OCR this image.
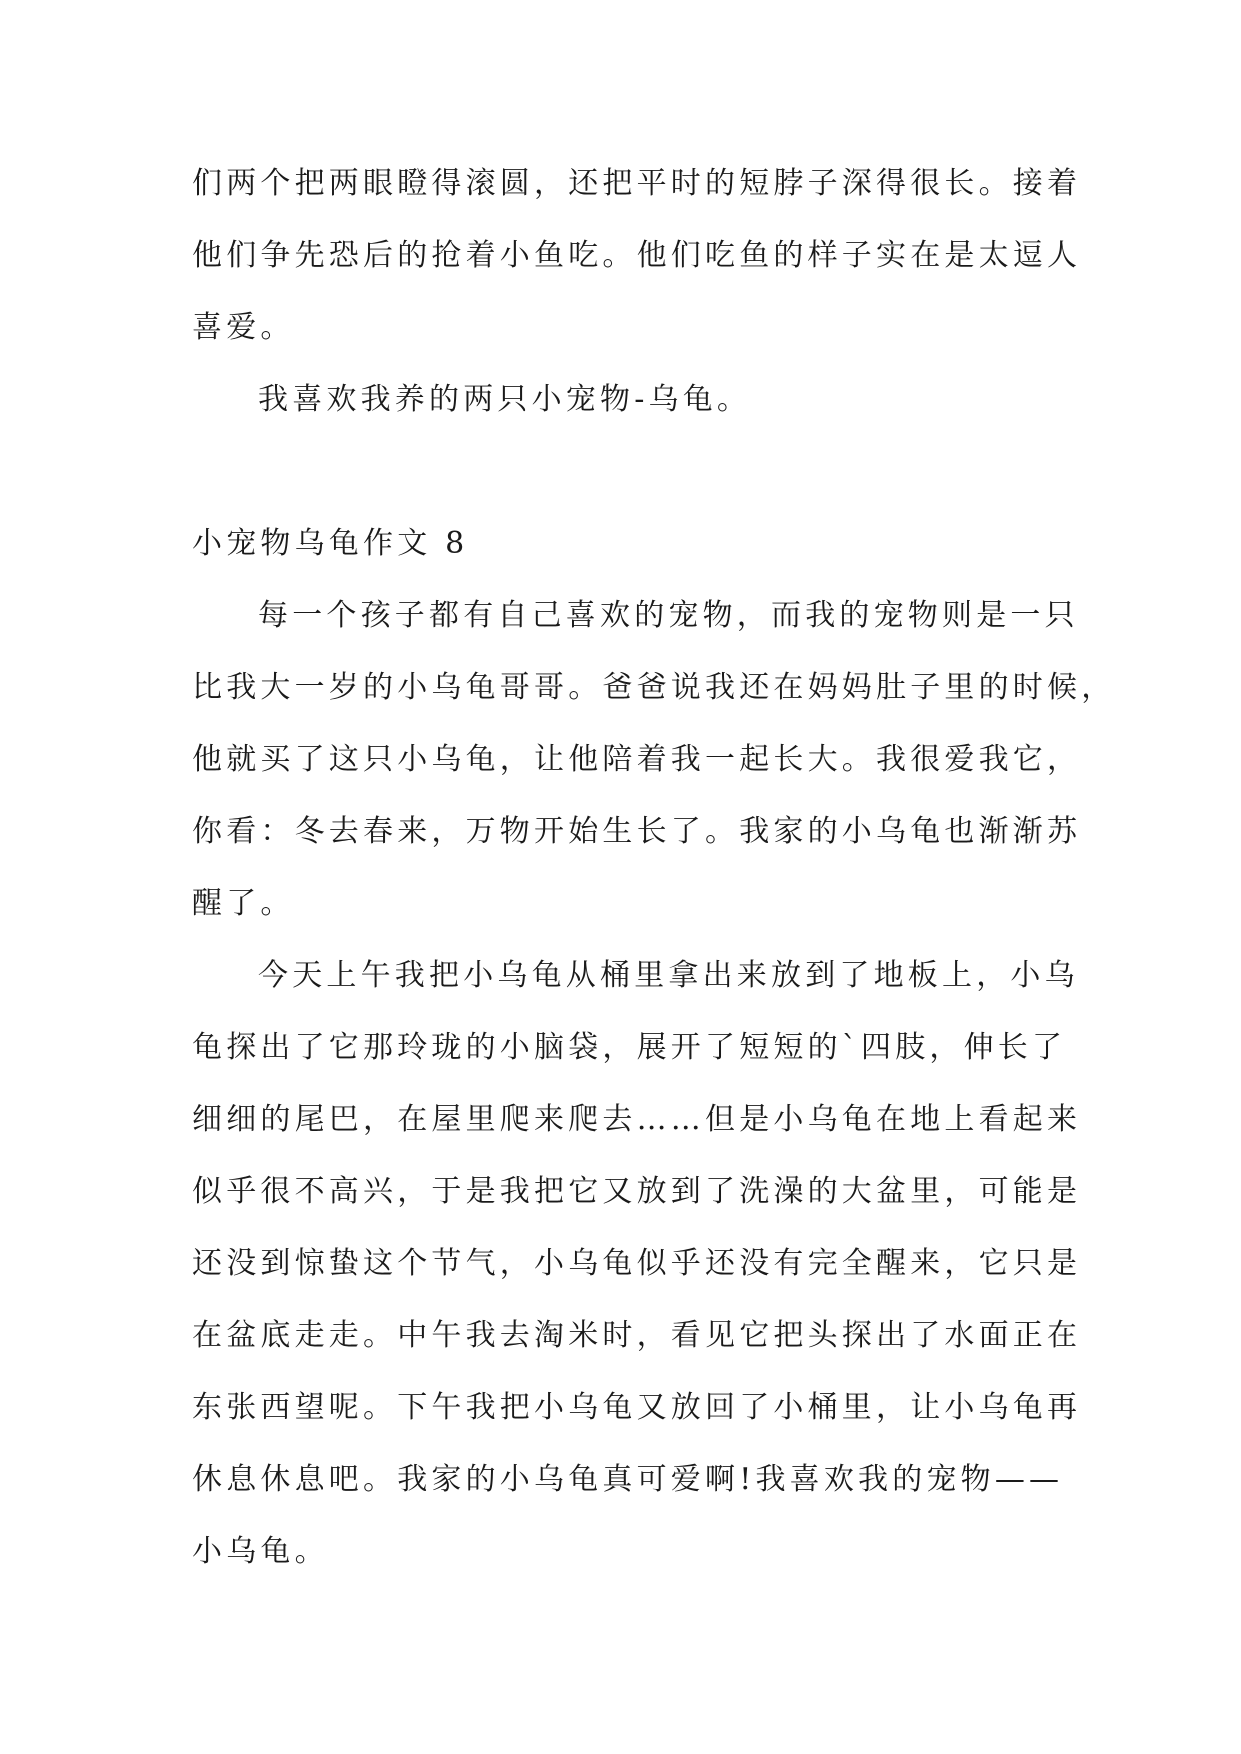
们两个把两眼瞪得滚圆，还把平时的短脖子深得很长。接着
他们争先恐后的抢着小鱼吃。他们吃鱼的样子实在是太逗人
喜爱。
我喜欢我养的两只小宠物-乌龟。
小宠物乌龟作文 8
每一个孩子都有自己喜欢的宠物，而我的宠物则是一只
比我大一岁的小乌龟哥哥。爸爸说我还在妈妈肚子里的时候，
他就买了这只小乌龟，让他陪着我一起长大。我很爱我它，
你看：冬去春来，万物开始生长了。我家的小乌龟也渐渐苏
醒了。
今天上午我把小乌龟从桶里拿出来放到了地板上，小乌
龟探出了它那玲珑的小脑袋，展开了短短的`四肢，伸长了
细细的尾巴，在屋里爬来爬去……但是小乌龟在地上看起来
似乎很不高兴，于是我把它又放到了洗澡的大盆里，可能是
还没到惊蛰这个节气，小乌龟似乎还没有完全醒来，它只是
在盆底走走。中午我去淘米时，看见它把头探出了水面正在
东张西望呢。下午我把小乌龟又放回了小桶里，让小乌龟再
休息休息吧。我家的小乌龟真可爱啊!我喜欢我的宠物——
小乌龟。
